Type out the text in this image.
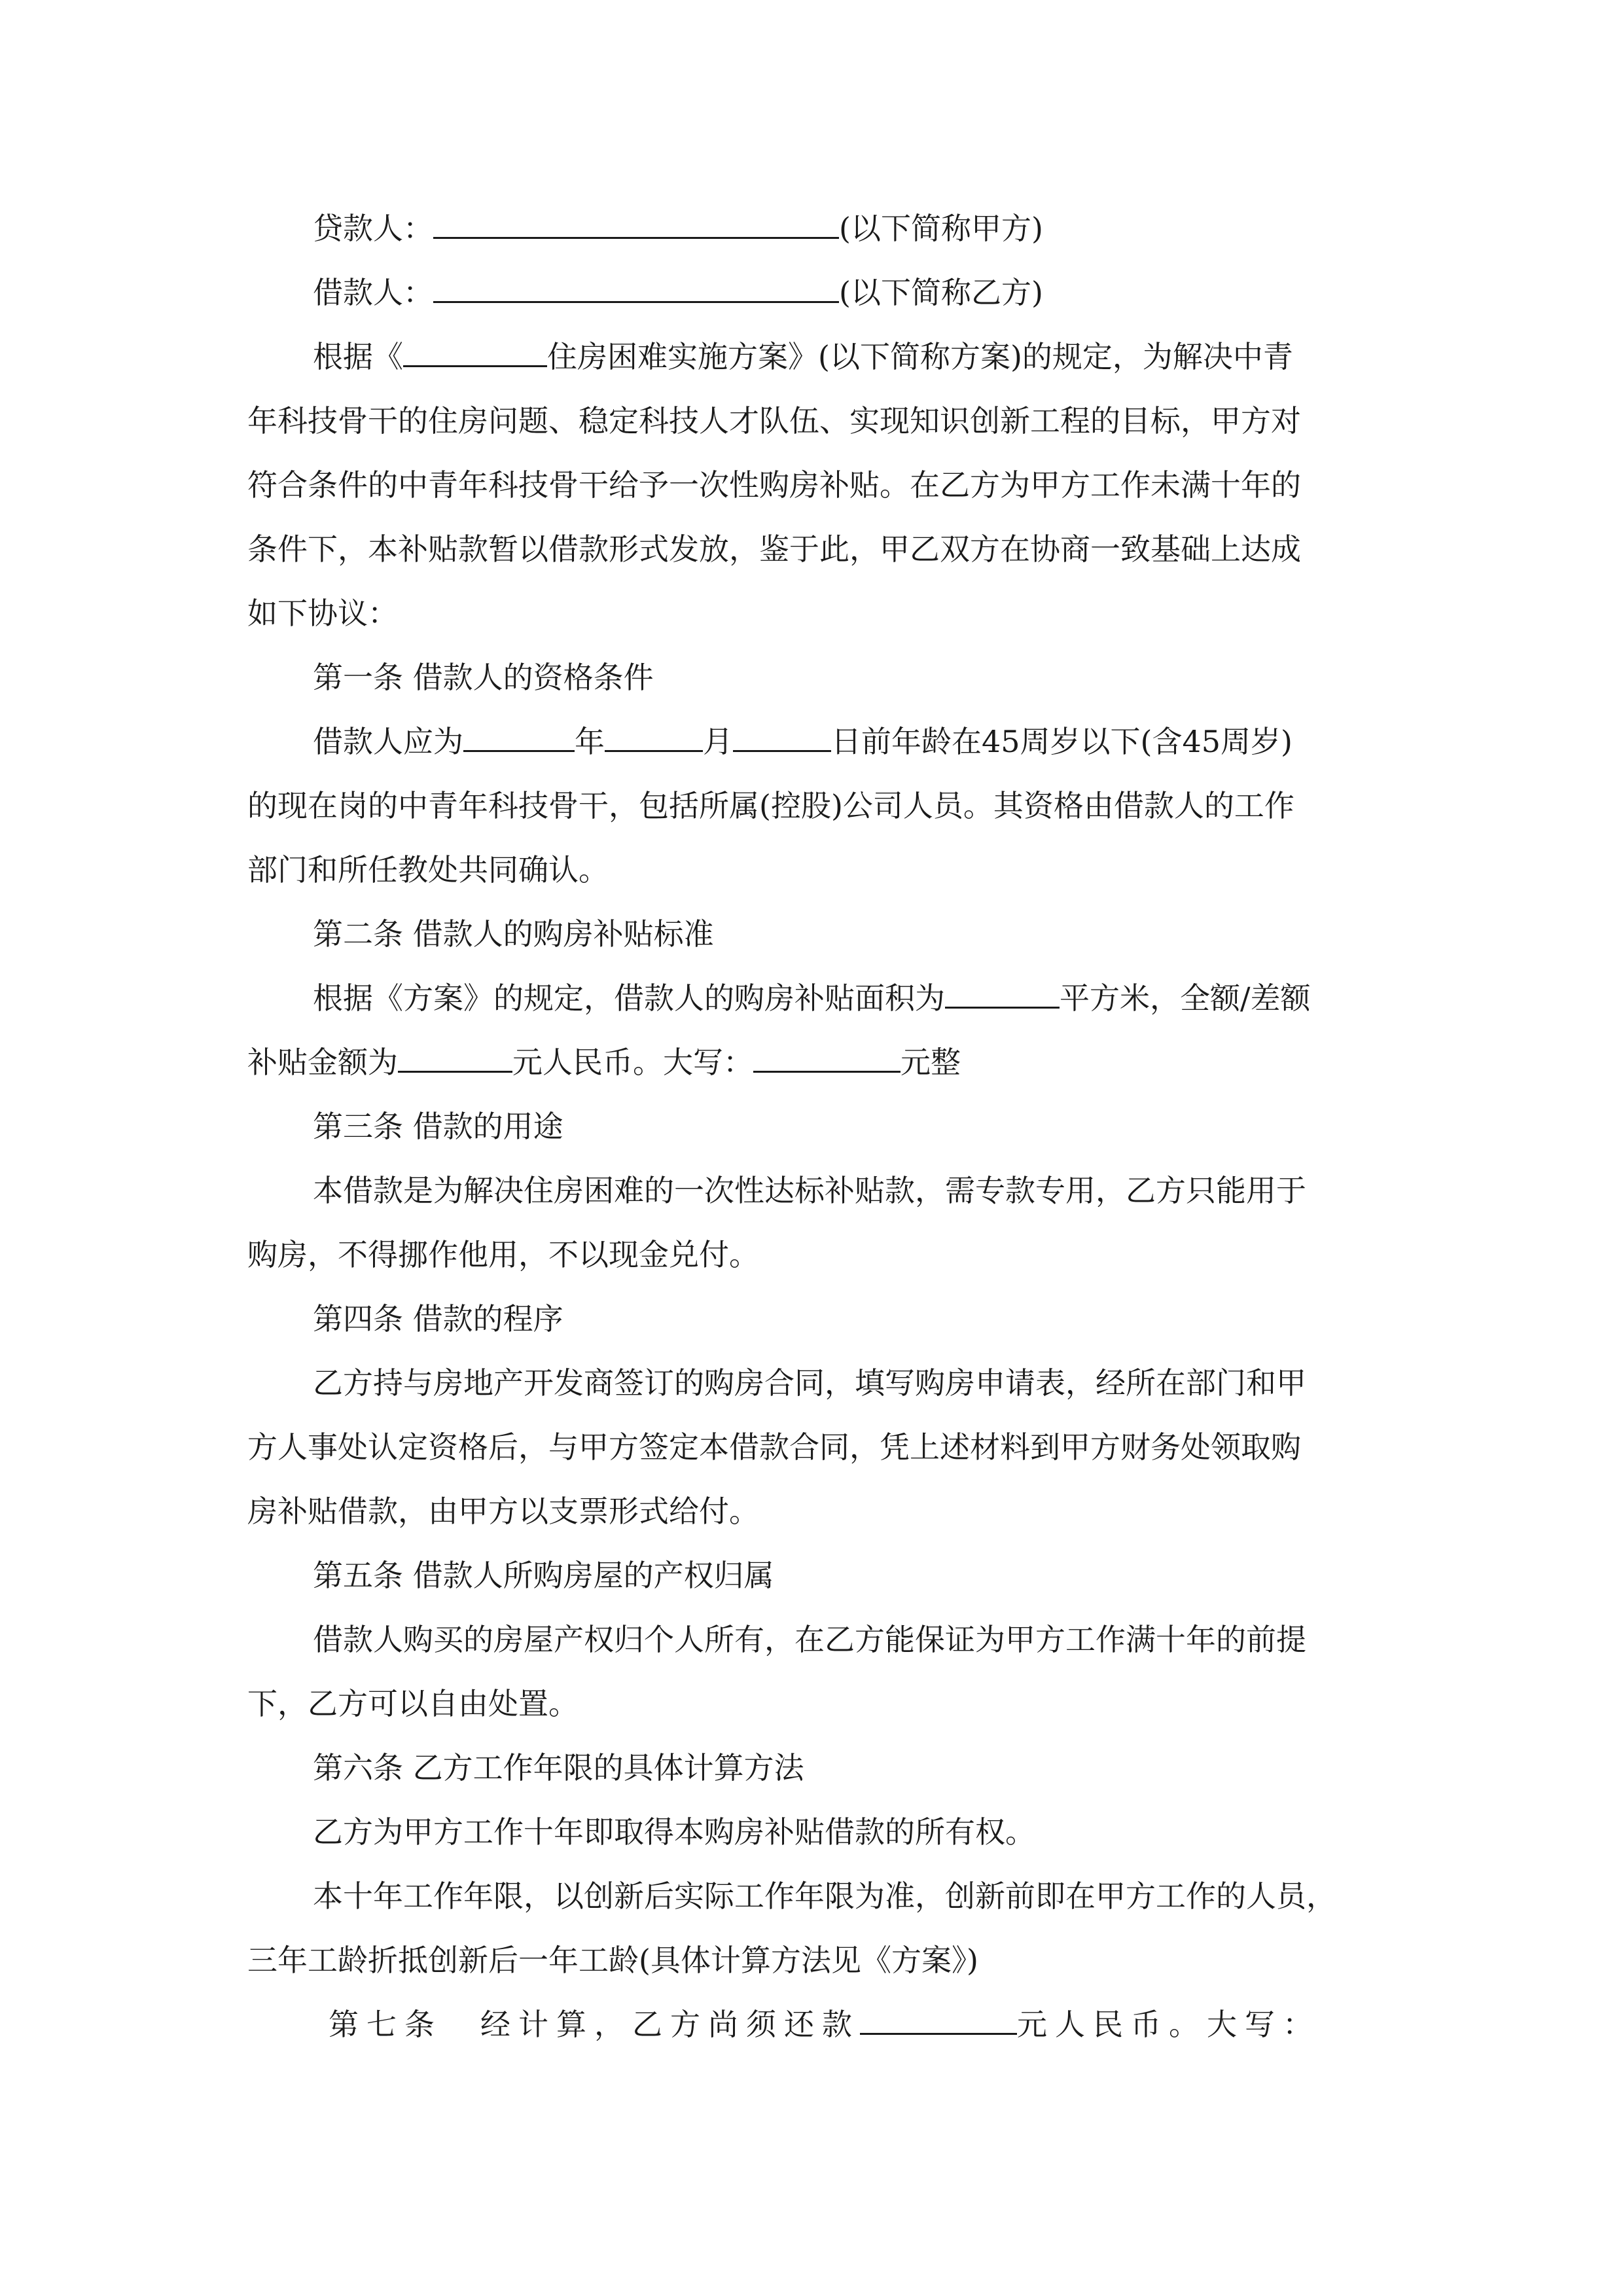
贷款人：	(以下简称甲方)
借款人：	(以下简称乙方)
根据《	住房困难实施方案》(以下简称方案)的规定，为解决中青
年科技骨干的住房问题、稳定科技人才队伍、实现知识创新工程的目标，甲方对
符合条件的中青年科技骨干给予一次性购房补贴。在乙方为甲方工作未满十年的
条件下，本补贴款暂以借款形式发放，鉴于此，甲乙双方在协商一致基础上达成
如下协议：
第一条 借款人的资格条件
借款人应为	年	月	日前年龄在45周岁以下(含45周岁)
的现在岗的中青年科技骨干，包括所属(控股)公司人员。其资格由借款人的工作
部门和所任教处共同确认。
第二条 借款人的购房补贴标准
根据《方案》的规定，借款人的购房补贴面积为	平方米，全额/差额
补贴金额为	元人民币。大写：	元整
第三条 借款的用途
本借款是为解决住房困难的一次性达标补贴款，需专款专用，乙方只能用于
购房，不得挪作他用，不以现金兑付。
第四条 借款的程序
乙方持与房地产开发商签订的购房合同，填写购房申请表，经所在部门和甲
方人事处认定资格后，与甲方签定本借款合同，凭上述材料到甲方财务处领取购
房补贴借款，由甲方以支票形式给付。
第五条 借款人所购房屋的产权归属
借款人购买的房屋产权归个人所有，在乙方能保证为甲方工作满十年的前提
下，乙方可以自由处置。
第六条 乙方工作年限的具体计算方法
乙方为甲方工作十年即取得本购房补贴借款的所有权。
本十年工作年限，以创新后实际工作年限为准，创新前即在甲方工作的人员，
三年工龄折抵创新后一年工龄(具体计算方法见《方案》)
第七条　经计算，乙方尚须还款	元人民币。大写：
